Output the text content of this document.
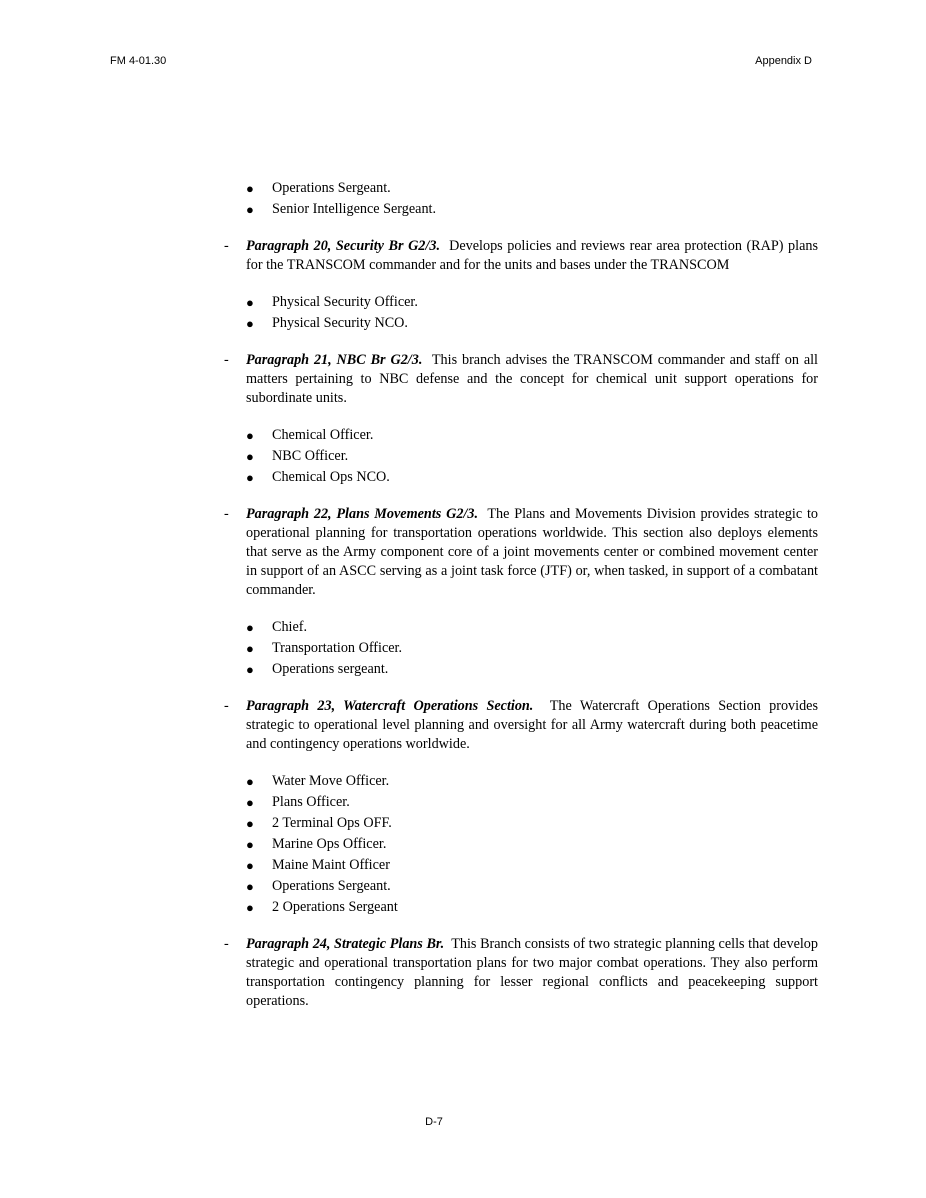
FM 4-01.30	Appendix D
● Operations Sergeant.
● Senior Intelligence Sergeant.
- Paragraph 20, Security Br G2/3. Develops policies and reviews rear area protection (RAP) plans for the TRANSCOM commander and for the units and bases under the TRANSCOM
● Physical Security Officer.
● Physical Security NCO.
- Paragraph 21, NBC Br G2/3. This branch advises the TRANSCOM commander and staff on all matters pertaining to NBC defense and the concept for chemical unit support operations for subordinate units.
● Chemical Officer.
● NBC Officer.
● Chemical Ops NCO.
- Paragraph 22, Plans Movements G2/3. The Plans and Movements Division provides strategic to operational planning for transportation operations worldwide. This section also deploys elements that serve as the Army component core of a joint movements center or combined movement center in support of an ASCC serving as a joint task force (JTF) or, when tasked, in support of a combatant commander.
● Chief.
● Transportation Officer.
● Operations sergeant.
- Paragraph 23, Watercraft Operations Section. The Watercraft Operations Section provides strategic to operational level planning and oversight for all Army watercraft during both peacetime and contingency operations worldwide.
● Water Move Officer.
● Plans Officer.
● 2 Terminal Ops OFF.
● Marine Ops Officer.
● Maine Maint Officer
● Operations Sergeant.
● 2 Operations Sergeant
- Paragraph 24, Strategic Plans Br. This Branch consists of two strategic planning cells that develop strategic and operational transportation plans for two major combat operations. They also perform transportation contingency planning for lesser regional conflicts and peacekeeping support operations.
D-7
